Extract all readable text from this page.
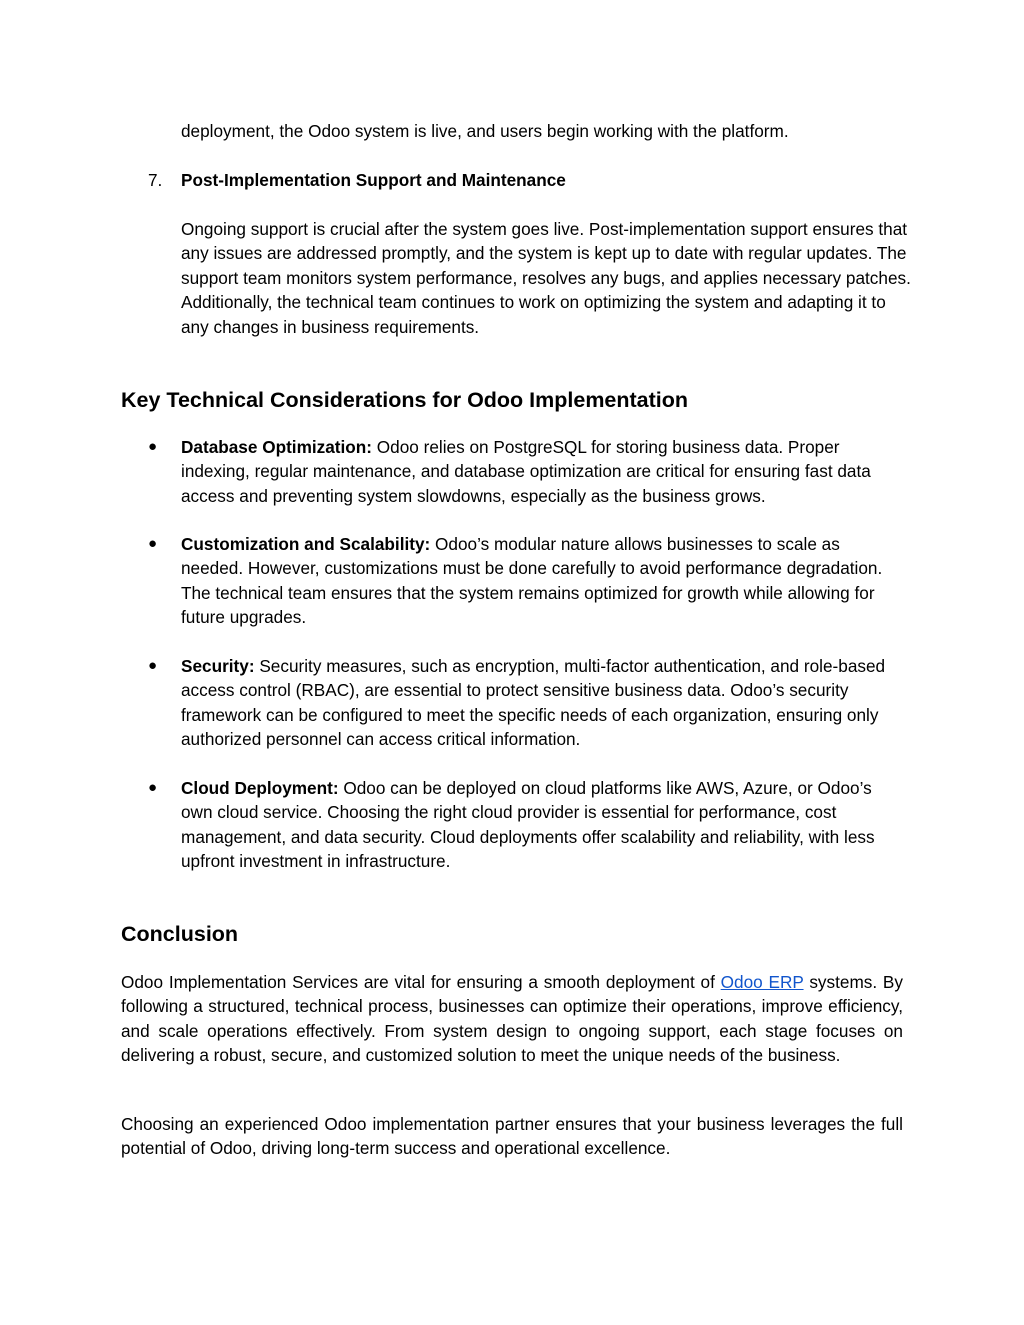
deployment, the Odoo system is live, and users begin working with the platform.

7. Post-Implementation Support and Maintenance

Ongoing support is crucial after the system goes live. Post-implementation support ensures that any issues are addressed promptly, and the system is kept up to date with regular updates. The support team monitors system performance, resolves any bugs, and applies necessary patches. Additionally, the technical team continues to work on optimizing the system and adapting it to any changes in business requirements.

Key Technical Considerations for Odoo Implementation
● Database Optimization: Odoo relies on PostgreSQL for storing business data. Proper indexing, regular maintenance, and database optimization are critical for ensuring fast data access and preventing system slowdowns, especially as the business grows.

● Customization and Scalability: Odoo’s modular nature allows businesses to scale as needed. However, customizations must be done carefully to avoid performance degradation. The technical team ensures that the system remains optimized for growth while allowing for future upgrades.

● Security: Security measures, such as encryption, multi-factor authentication, and role-based access control (RBAC), are essential to protect sensitive business data. Odoo’s security framework can be configured to meet the specific needs of each organization, ensuring only authorized personnel can access critical information.

● Cloud Deployment: Odoo can be deployed on cloud platforms like AWS, Azure, or Odoo’s own cloud service. Choosing the right cloud provider is essential for performance, cost management, and data security. Cloud deployments offer scalability and reliability, with less upfront investment in infrastructure.

Conclusion

Odoo Implementation Services are vital for ensuring a smooth deployment of Odoo ERP systems. By following a structured, technical process, businesses can optimize their operations, improve efficiency, and scale operations effectively. From system design to ongoing support, each stage focuses on delivering a robust, secure, and customized solution to meet the unique needs of the business.

Choosing an experienced Odoo implementation partner ensures that your business leverages the full potential of Odoo, driving long-term success and operational excellence.
